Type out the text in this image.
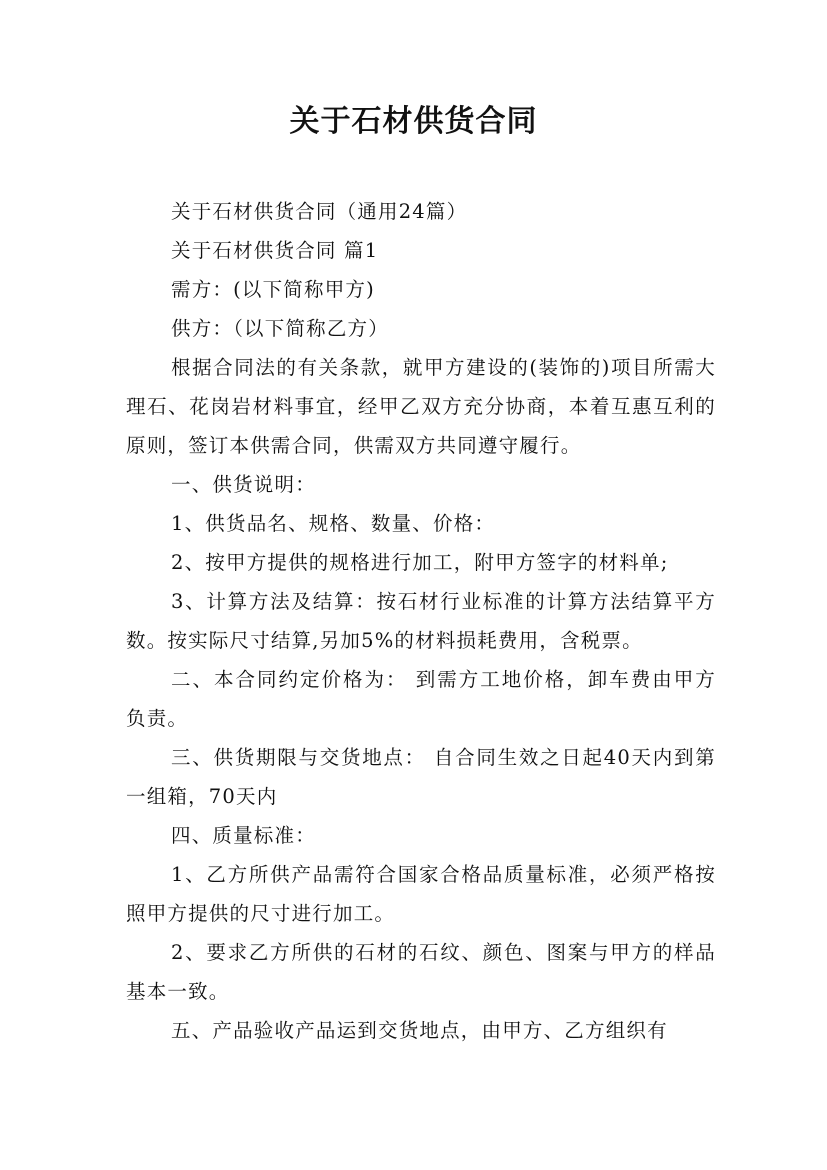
关于石材供货合同

关于石材供货合同（通用24篇）

关于石材供货合同 篇1

需方：(以下简称甲方)

供方：（以下简称乙方）

根据合同法的有关条款，就甲方建设的(装饰的)项目所需大理石、花岗岩材料事宜，经甲乙双方充分协商，本着互惠互利的原则，签订本供需合同，供需双方共同遵守履行。

一、供货说明：

1、供货品名、规格、数量、价格：

2、按甲方提供的规格进行加工，附甲方签字的材料单;

3、计算方法及结算：按石材行业标准的计算方法结算平方数。按实际尺寸结算,另加5%的材料损耗费用，含税票。

二、本合同约定价格为： 到需方工地价格，卸车费由甲方负责。

三、供货期限与交货地点： 自合同生效之日起40天内到第一组箱，70天内

四、质量标准：

1、乙方所供产品需符合国家合格品质量标准，必须严格按照甲方提供的尺寸进行加工。

2、要求乙方所供的石材的石纹、颜色、图案与甲方的样品基本一致。

五、产品验收产品运到交货地点，由甲方、乙方组织有
